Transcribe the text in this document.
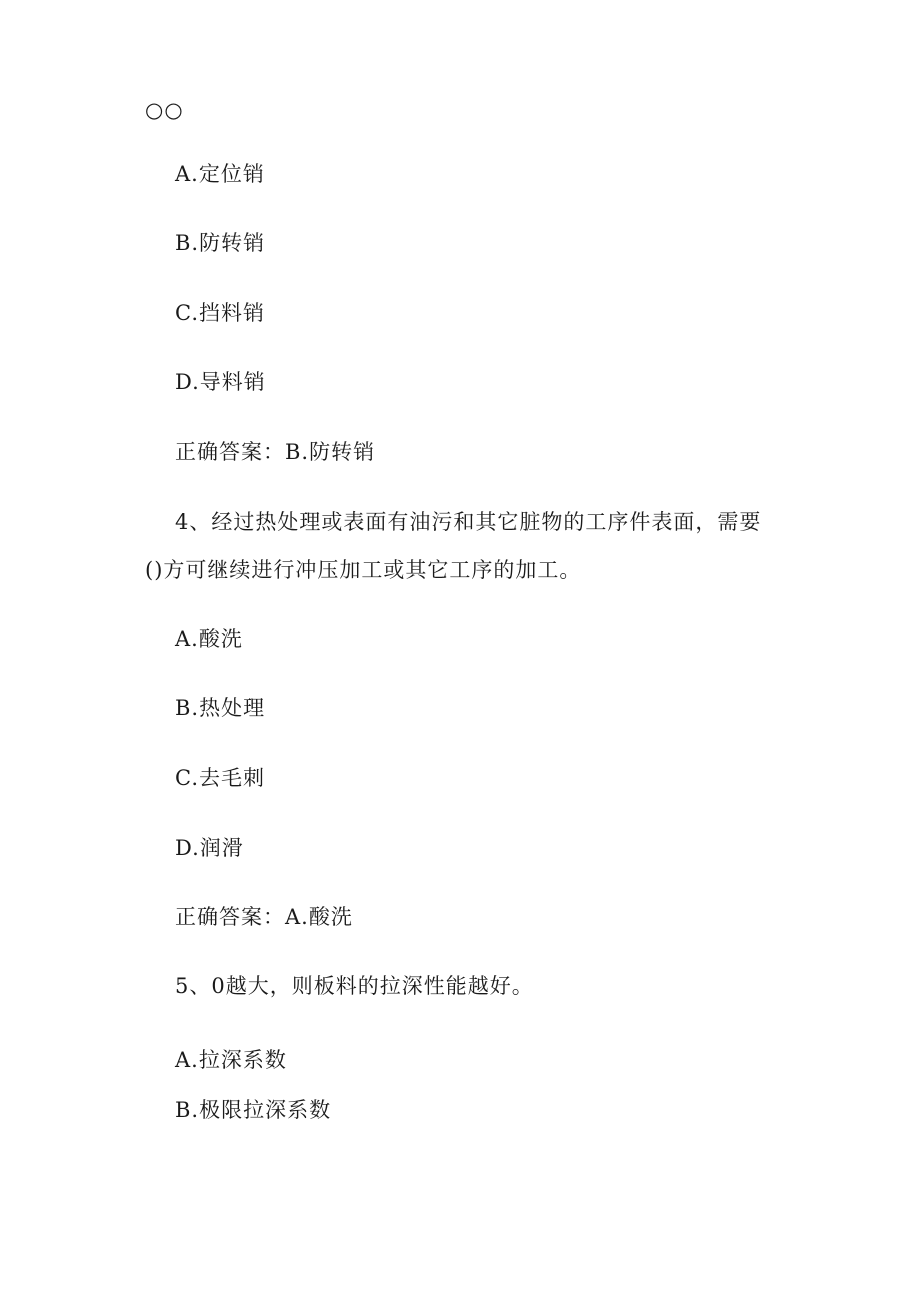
○○
A.定位销
B.防转销
C.挡料销
D.导料销
正确答案：B.防转销
4、经过热处理或表面有油污和其它脏物的工序件表面，需要
()方可继续进行冲压加工或其它工序的加工。
A.酸洗
B.热处理
C.去毛刺
D.润滑
正确答案：A.酸洗
5、0越大，则板料的拉深性能越好。
A.拉深系数
B.极限拉深系数
